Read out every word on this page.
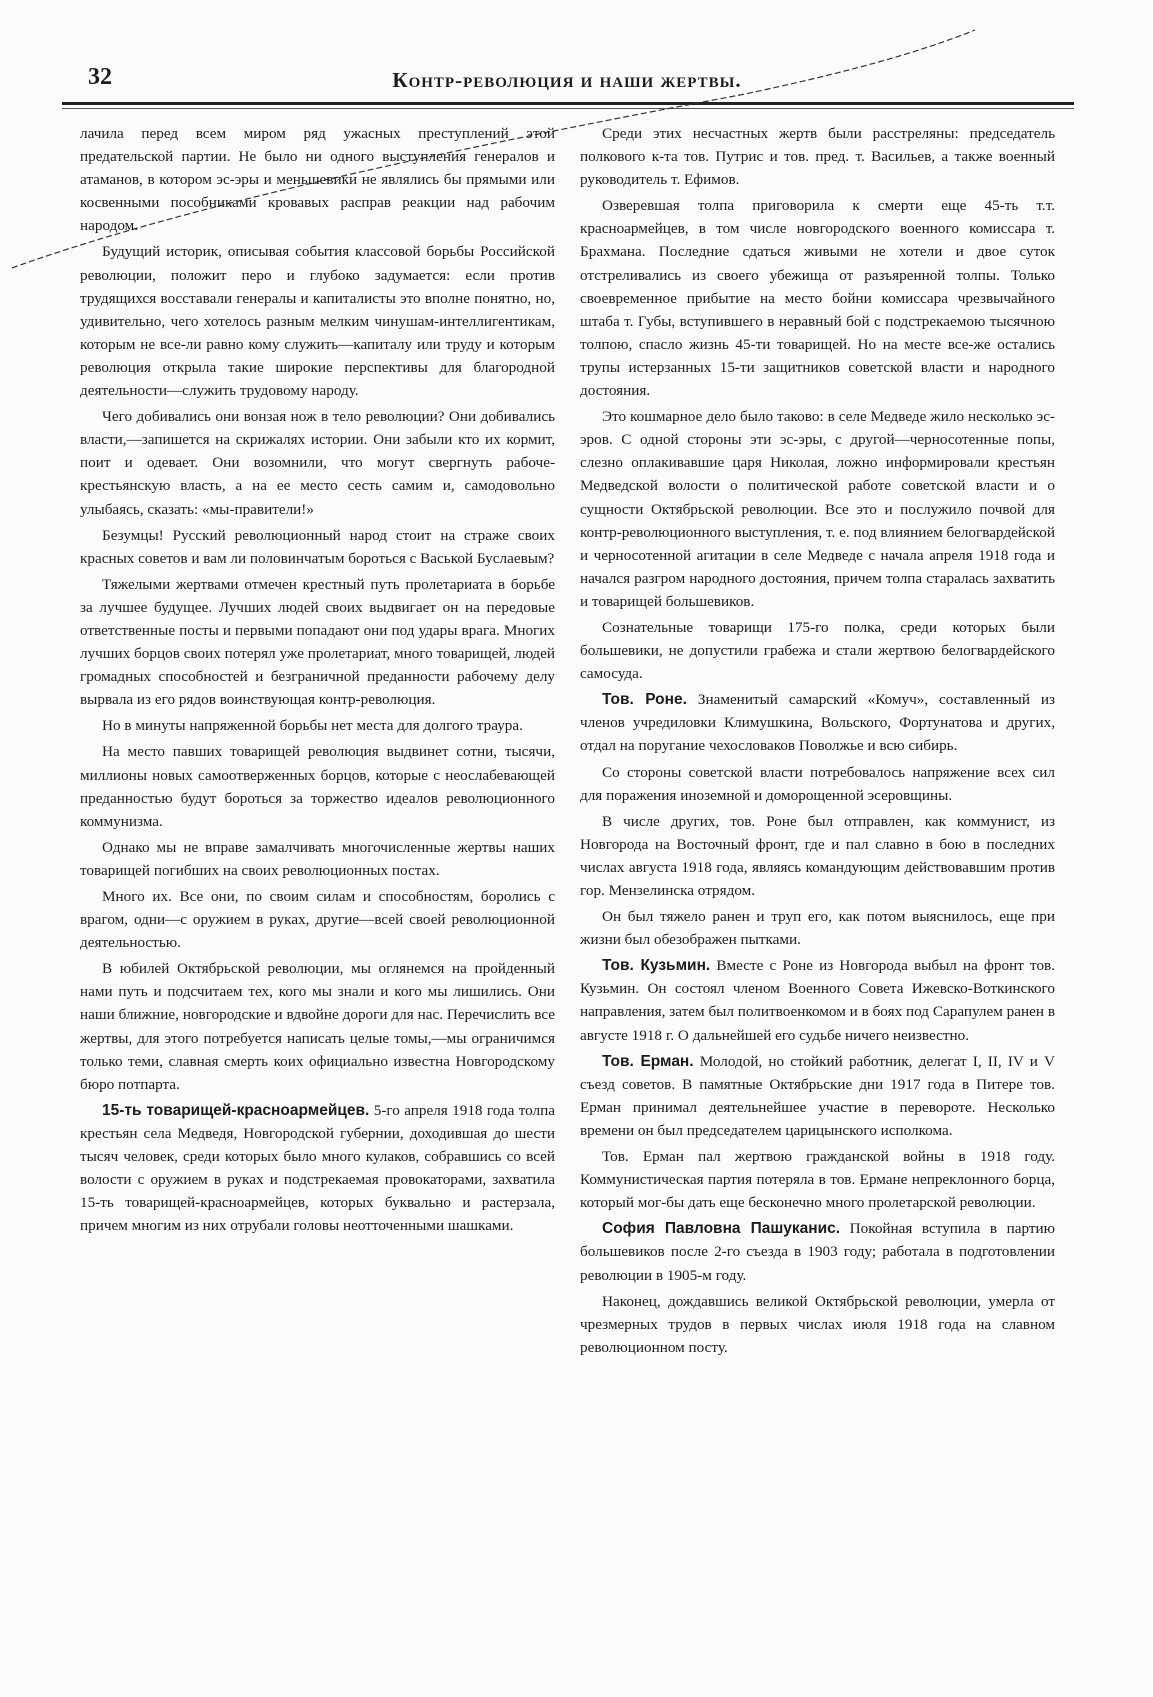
32	Контр-революция и наши жертвы.

лачила перед всем миром ряд ужасных преступлений этой предательской партии. Не было ни одного выступления генералов и атаманов, в котором эс-эры и меньшевики не являлись бы прямыми или косвенными пособниками кровавых расправ реакции над рабочим народом.

Будущий историк, описывая события классовой борьбы Российской революции, положит перо и глубоко задумается: если против трудящихся восставали генералы и капиталисты это вполне понятно, но, удивительно, чего хотелось разным мелким чинушам-интеллигентикам, которым не все-ли равно кому служить—капиталу или труду и которым революция открыла такие широкие перспективы для благородной деятельности—служить трудовому народу.

Чего добивались они вонзая нож в тело революции? Они добивались власти,—запишется на скрижалях истории. Они забыли кто их кормит, поит и одевает. Они возомнили, что могут свергнуть рабоче-крестьянскую власть, а на ее место сесть самим и, самодовольно улыбаясь, сказать: «мы-правители!»

Безумцы! Русский революционный народ стоит на страже своих красных советов и вам ли половинчатым бороться с Васькой Буслаевым?

Тяжелыми жертвами отмечен крестный путь пролетариата в борьбе за лучшее будущее. Лучших людей своих выдвигает он на передовые ответственные посты и первыми попадают они под удары врага. Многих лучших борцов своих потерял уже пролетариат, много товарищей, людей громадных способностей и безграничной преданности рабочему делу вырвала из его рядов воинствующая контр-революция.

Но в минуты напряженной борьбы нет места для долгого траура.

На место павших товарищей революция выдвинет сотни, тысячи, миллионы новых самоотверженных борцов, которые с неослабевающей преданностью будут бороться за торжество идеалов революционного коммунизма.

Однако мы не вправе замалчивать многочисленные жертвы наших товарищей погибших на своих революционных постах.

Много их. Все они, по своим силам и способностям, боролись с врагом, одни—с оружием в руках, другие—всей своей революционной деятельностью.

В юбилей Октябрьской революции, мы оглянемся на пройденный нами путь и подсчитаем тех, кого мы знали и кого мы лишились. Они наши ближние, новгородские и вдвойне дороги для нас. Перечислить все жертвы, для этого потребуется написать целые томы,—мы ограничимся только теми, славная смерть коих официально известна Новгородскому бюро потпарта.

15-ть товарищей-красноармейцев. 5-го апреля 1918 года толпа крестьян села Медведя, Новгородской губернии, доходившая до шести тысяч человек, среди которых было много кулаков, собравшись со всей волости с оружием в руках и подстрекаемая провокаторами, захватила 15-ть товарищей-красноармейцев, которых буквально и растерзала, причем многим из них отрубали головы неотточенными шашками.

Среди этих несчастных жертв были расстреляны: председатель полкового к-та тов. Путрис и тов. пред. т. Васильев, а также военный руководитель т. Ефимов.

Озверевшая толпа приговорила к смерти еще 45-ть т.т. красноармейцев, в том числе новгородского военного комиссара т. Брахмана. Последние сдаться живыми не хотели и двое суток отстреливались из своего убежища от разъяренной толпы. Только своевременное прибытие на место бойни комиссара чрезвычайного штаба т. Губы, вступившего в неравный бой с подстрекаемою тысячною толпою, спасло жизнь 45-ти товарищей. Но на месте все-же остались трупы истерзанных 15-ти защитников советской власти и народного достояния.

Это кошмарное дело было таково: в селе Медведе жило несколько эс-эров. С одной стороны эти эс-эры, с другой—черносотенные попы, слезно оплакивавшие царя Николая, ложно информировали крестьян Медведской волости о политической работе советской власти и о сущности Октябрьской революции. Все это и послужило почвой для контр-революционного выступления, т. е. под влиянием белогвардейской и черносотенной агитации в селе Медведе с начала апреля 1918 года и начался разгром народного достояния, причем толпа старалась захватить и товарищей большевиков.

Сознательные товарищи 175-го полка, среди которых были большевики, не допустили грабежа и стали жертвою белогвардейского самосуда.

Тов. Роне. Знаменитый самарский «Комуч», составленный из членов учредиловки Климушкина, Вольского, Фортунатова и других, отдал на поругание чехословаков Поволжье и всю сибирь.

Со стороны советской власти потребовалось напряжение всех сил для поражения иноземной и доморощенной эсеровщины.

В числе других, тов. Роне был отправлен, как коммунист, из Новгорода на Восточный фронт, где и пал славно в бою в последних числах августа 1918 года, являясь командующим действовавшим против гор. Мензелинска отрядом.

Он был тяжело ранен и труп его, как потом выяснилось, еще при жизни был обезображен пытками.

Тов. Кузьмин. Вместе с Роне из Новгорода выбыл на фронт тов. Кузьмин. Он состоял членом Военного Совета Ижевско-Воткинского направления, затем был политвоенкомом и в боях под Сарапулем ранен в августе 1918 г. О дальнейшей его судьбе ничего неизвестно.

Тов. Ерман. Молодой, но стойкий работник, делегат I, II, IV и V съезд советов. В памятные Октябрьские дни 1917 года в Питере тов. Ерман принимал деятельнейшее участие в перевороте. Несколько времени он был председателем царицынского исполкома.

Тов. Ерман пал жертвою гражданской войны в 1918 году. Коммунистическая партия потеряла в тов. Ермане непреклонного борца, который мог-бы дать еще бесконечно много пролетарской революции.

София Павловна Пашуканис. Покойная вступила в партию большевиков после 2-го съезда в 1903 году; работала в подготовлении революции в 1905-м году.

Наконец, дождавшись великой Октябрьской революции, умерла от чрезмерных трудов в первых числах июля 1918 года на славном революционном посту.
